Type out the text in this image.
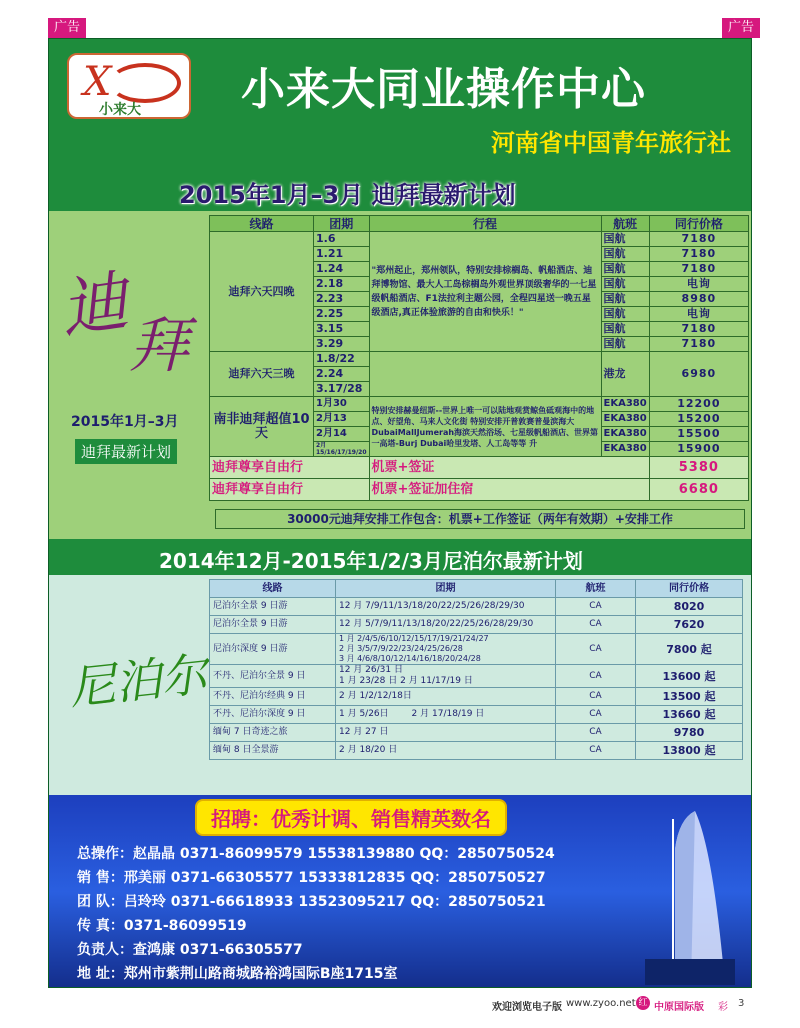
广告	广告
X
小来大 小来大同业操作中心
河南省中国青年旅行社
2015年1月–3月 迪拜最新计划
迪
拜
2015年1月–3月
迪拜最新计划
线路	团期	行程	航班	同行价格
迪拜六天四晚	1.6	"郑州起止，郑州领队，特别安排棕榈岛、帆船酒店、迪拜博物馆、最大人工岛棕榈岛外观世界顶级奢华的一七星级帆船酒店、F1法拉利主题公园，全程四星送一晚五星级酒店,真正体验旅游的自由和快乐！"	国航	7180
	1.21		国航	7180
	1.24		国航	7180
	2.18		国航	电询
	2.23		国航	8980
	2.25		国航	电询
	3.15		国航	7180
	3.29		国航	7180
迪拜六天三晚	1.8/22		港龙	6980
	2.24			
	3.17/28			
南非迪拜超值10天	1月30	特别安排赫曼纽斯--世界上唯一可以陆地观赏鲸鱼砥观海中的地点、好望角、马来人文化街 特别安排开普敦赛普曼滨海大DubaiMallJumerah海滨天然浴场、七星级帆船酒店、世界第一高塔-Burj Dubai哈里发塔、人工岛等等 升	EKA380	12200
	2月13		EKA380	15200
	2月14		EKA380	15500
	2月15/16/17/19/20		EKA380	15900
迪拜尊享自由行		机票+签证		5380
迪拜尊享自由行		机票+签证加住宿		6680
30000元迪拜安排工作包含：机票+工作签证（两年有效期）+安排工作
2014年12月-2015年1/2/3月尼泊尔最新计划
尼泊尔
线路	团期	航班	同行价格
尼泊尔全景 9 日游	12 月 7/9/11/13/18/20/22/25/26/28/29/30	CA	8020
尼泊尔全景 9 日游	12 月 5/7/9/11/13/18/20/22/25/26/28/29/30	CA	7620
尼泊尔深度 9 日游	1 月 2/4/5/6/10/12/15/17/19/21/24/27
2 月 3/5/7/9/22/23/24/25/26/28
3 月 4/6/8/10/12/14/16/18/20/24/28	CA	7800 起
不丹、尼泊尔全景 9 日	12 月 26/31 日
1 月 23/28 日 2 月 11/17/19 日	CA	13600 起
不丹、尼泊尔经典 9 日	2 月 1/2/12/18日	CA	13500 起
不丹、尼泊尔深度 9 日	1 月 5/26日        2 月 17/18/19 日	CA	13660 起
缅甸 7 日奇迹之旅	12 月 27 日	CA	9780
缅甸 8 日全景游	2 月 18/20 日	CA	13800 起
招聘：优秀计调、销售精英数名
总操作：赵晶晶 0371-86099579 15538139880 QQ：2850750524
销 售：邢美丽 0371-66305577 15333812835 QQ：2850750527
团 队：吕玲玲 0371-66618933 13523095217 QQ：2850750521
传 真：0371-86099519
负责人：查鸿康 0371-66305577
地 址：郑州市紫荆山路商城路裕鸿国际B座1715室
欢迎浏览电子版 www.zyoo.net 红 中原国际版 彩 3
